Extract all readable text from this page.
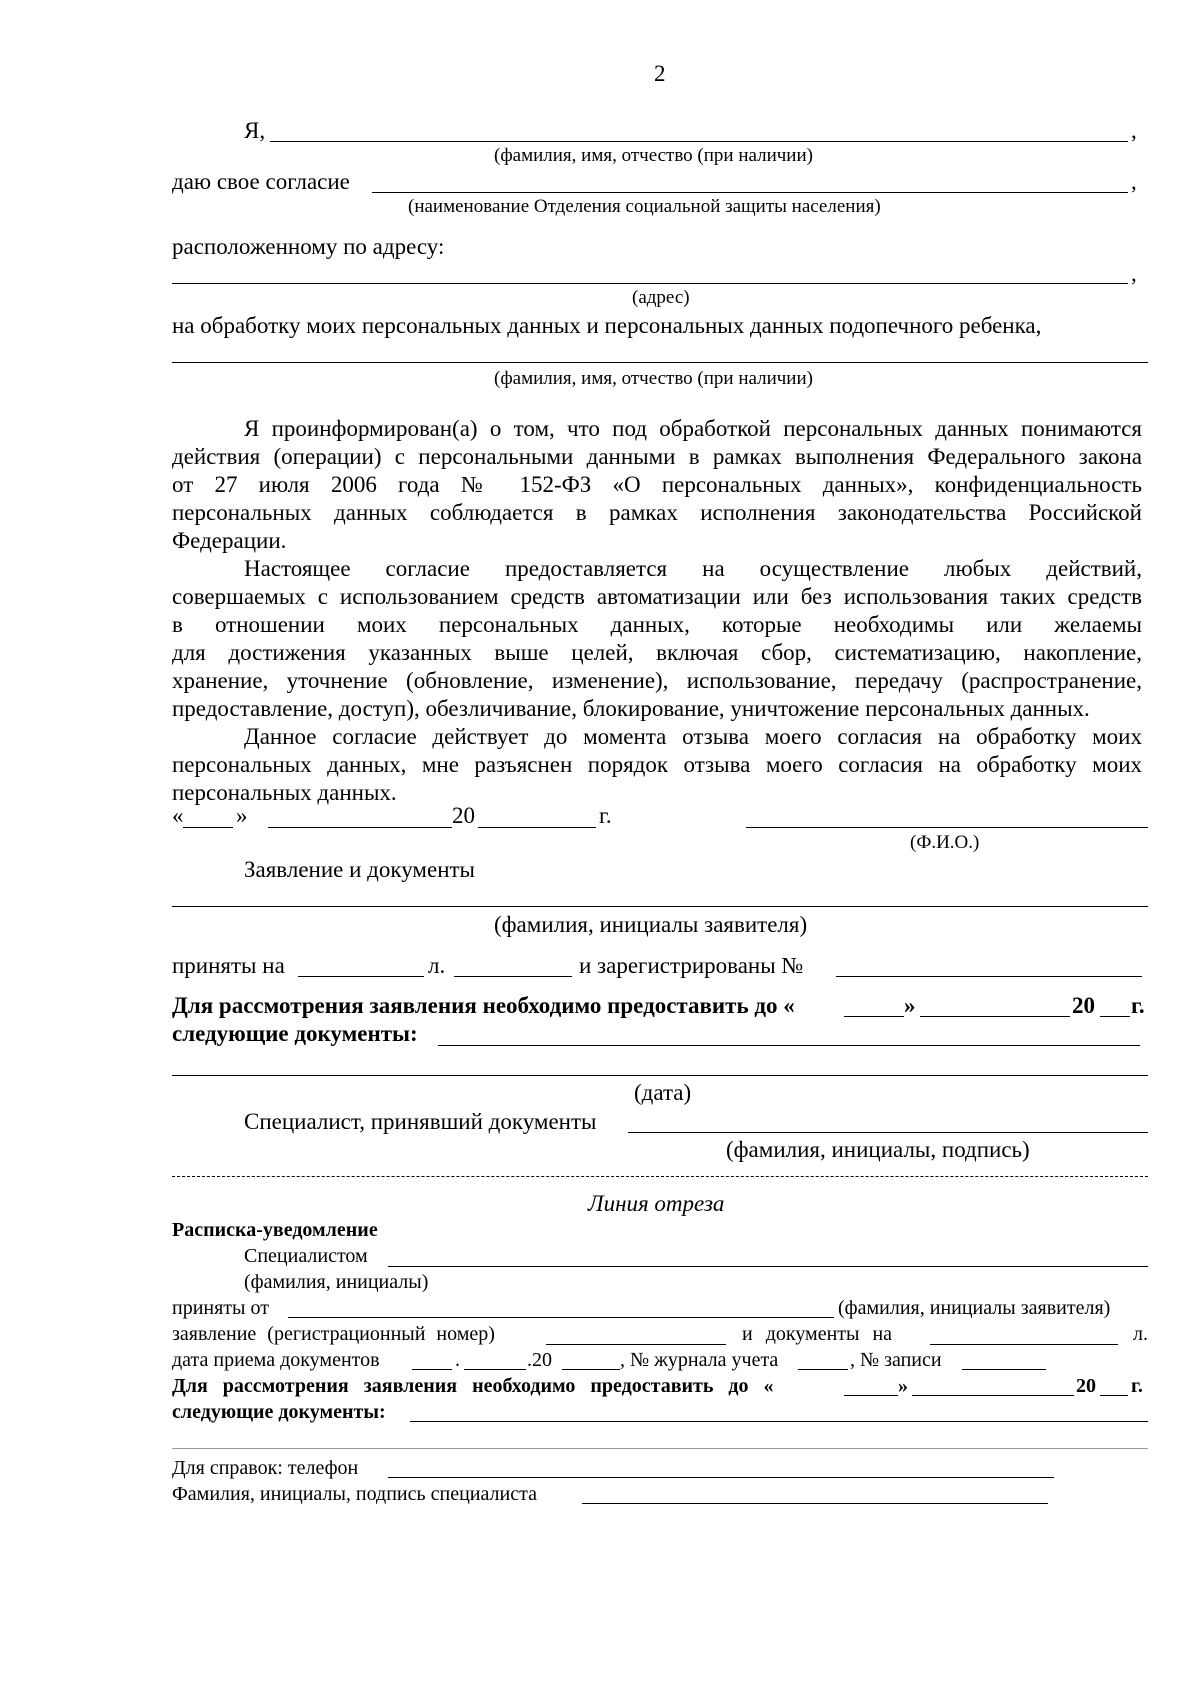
2
Я,	,
(фамилия, имя, отчество (при наличии)
даю свое согласие	,
(наименование Отделения социальной защиты населения)
расположенному по адресу:
,
(адрес)
на обработку моих персональных данных и персональных данных подопечного ребенка,
(фамилия, имя, отчество (при наличии)
Я проинформирован(а) о том, что под обработкой персональных данных понимаются
действия (операции) с персональными данными в рамках выполнения Федерального закона
от 27 июля 2006 года № 152-ФЗ «О персональных данных», конфиденциальность
персональных данных соблюдается в рамках исполнения законодательства Российской
Федерации.
Настоящее согласие предоставляется на осуществление любых действий,
совершаемых с использованием средств автоматизации или без использования таких средств
в отношении моих персональных данных, которые необходимы или желаемы
для достижения указанных выше целей, включая сбор, систематизацию, накопление,
хранение, уточнение (обновление, изменение), использование, передачу (распространение,
предоставление, доступ), обезличивание, блокирование, уничтожение персональных данных.
Данное согласие действует до момента отзыва моего согласия на обработку моих
персональных данных, мне разъяснен порядок отзыва моего согласия на обработку моих
персональных данных.
« »	20	г.
(Ф.И.О.)
Заявление и документы
(фамилия, инициалы заявителя)
приняты на	л.	и зарегистрированы №
Для рассмотрения заявления необходимо предоставить до «	»	20 г.
следующие документы:
(дата)
Специалист, принявший документы
(фамилия, инициалы, подпись)
Линия отреза
Расписка-уведомление
Специалистом
(фамилия, инициалы)
приняты от	(фамилия, инициалы заявителя)
заявление (регистрационный номер)	и документы на	л.
дата приема документов	.	.20	, № журнала учета	, № записи
Для рассмотрения заявления необходимо предоставить до «	»	20 г.
следующие документы:
Для справок: телефон
Фамилия, инициалы, подпись специалиста
